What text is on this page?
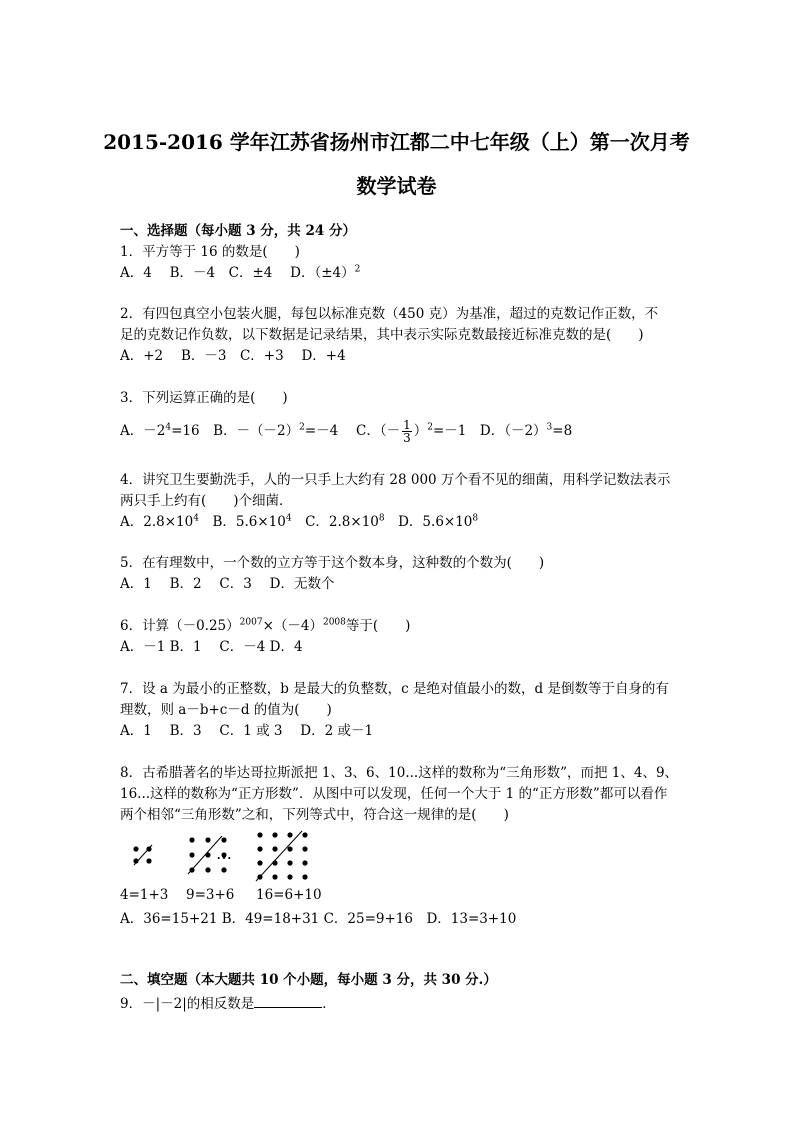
2015-2016 学年江苏省扬州市江都二中七年级（上）第一次月考
数学试卷
一、选择题（每小题 3 分，共 24 分）
1．平方等于 16 的数是(　　)
A．4　 B．－4　C．±4　 D．$(\pm 4)^2$
2．有四包真空小包装火腿，每包以标准克数（450 克）为基准，超过的克数记作正数，不
足的克数记作负数，以下数据是记录结果，其中表示实际克数最接近标准克数的是(　　)
A．+2　 B．－3　C．+3　 D．+4
3．下列运算正确的是(　　)
A．$-2^4=16$　B．$-(-2)^2=-4$　 C．（－ $\frac{1}{3} )^2=-1$　D．$(-2)^3=8$
4．讲究卫生要勤洗手，人的一只手上大约有 28 000 万个看不见的细菌，用科学记数法表示
两只手上约有(　　)个细菌．
A．$2.8\times 10^4$　B．$5.6\times 10^4$　C．$2.8\times 10^8$　D．$5.6\times 10^8$
5．在有理数中，一个数的立方等于这个数本身，这种数的个数为(　　)
A．1　 B．2　 C．3　 D．无数个
6．计算$(-0.25)^{2007}\times(-4)^{2008}$等于(　　)
A．－1 B．1　 C．－4 D．4
7．设 a 为最小的正整数，b 是最大的负整数，c 是绝对值最小的数，d 是倒数等于自身的有
理数，则 a－b+c－d 的值为(　　)
A．1　 B．3　 C．1 或 3　 D．2 或－1
8．古希腊著名的毕达哥拉斯派把 1、3、6、10...这样的数称为“三角形数”，而把 1、4、9、
16...这样的数称为“正方形数”．从图中可以发现，任何一个大于 1 的“正方形数”都可以看作
两个相邻“三角形数”之和，下列等式中，符合这一规律的是(　　)
…
4=1+3 9=3+6 16=6+10
A．36=15+21 B．49=18+31 C．25=9+16　D．13=3+10
二、填空题（本大题共 10 个小题，每小题 3 分，共 30 分.）
9．－|－2|的相反数是	．
